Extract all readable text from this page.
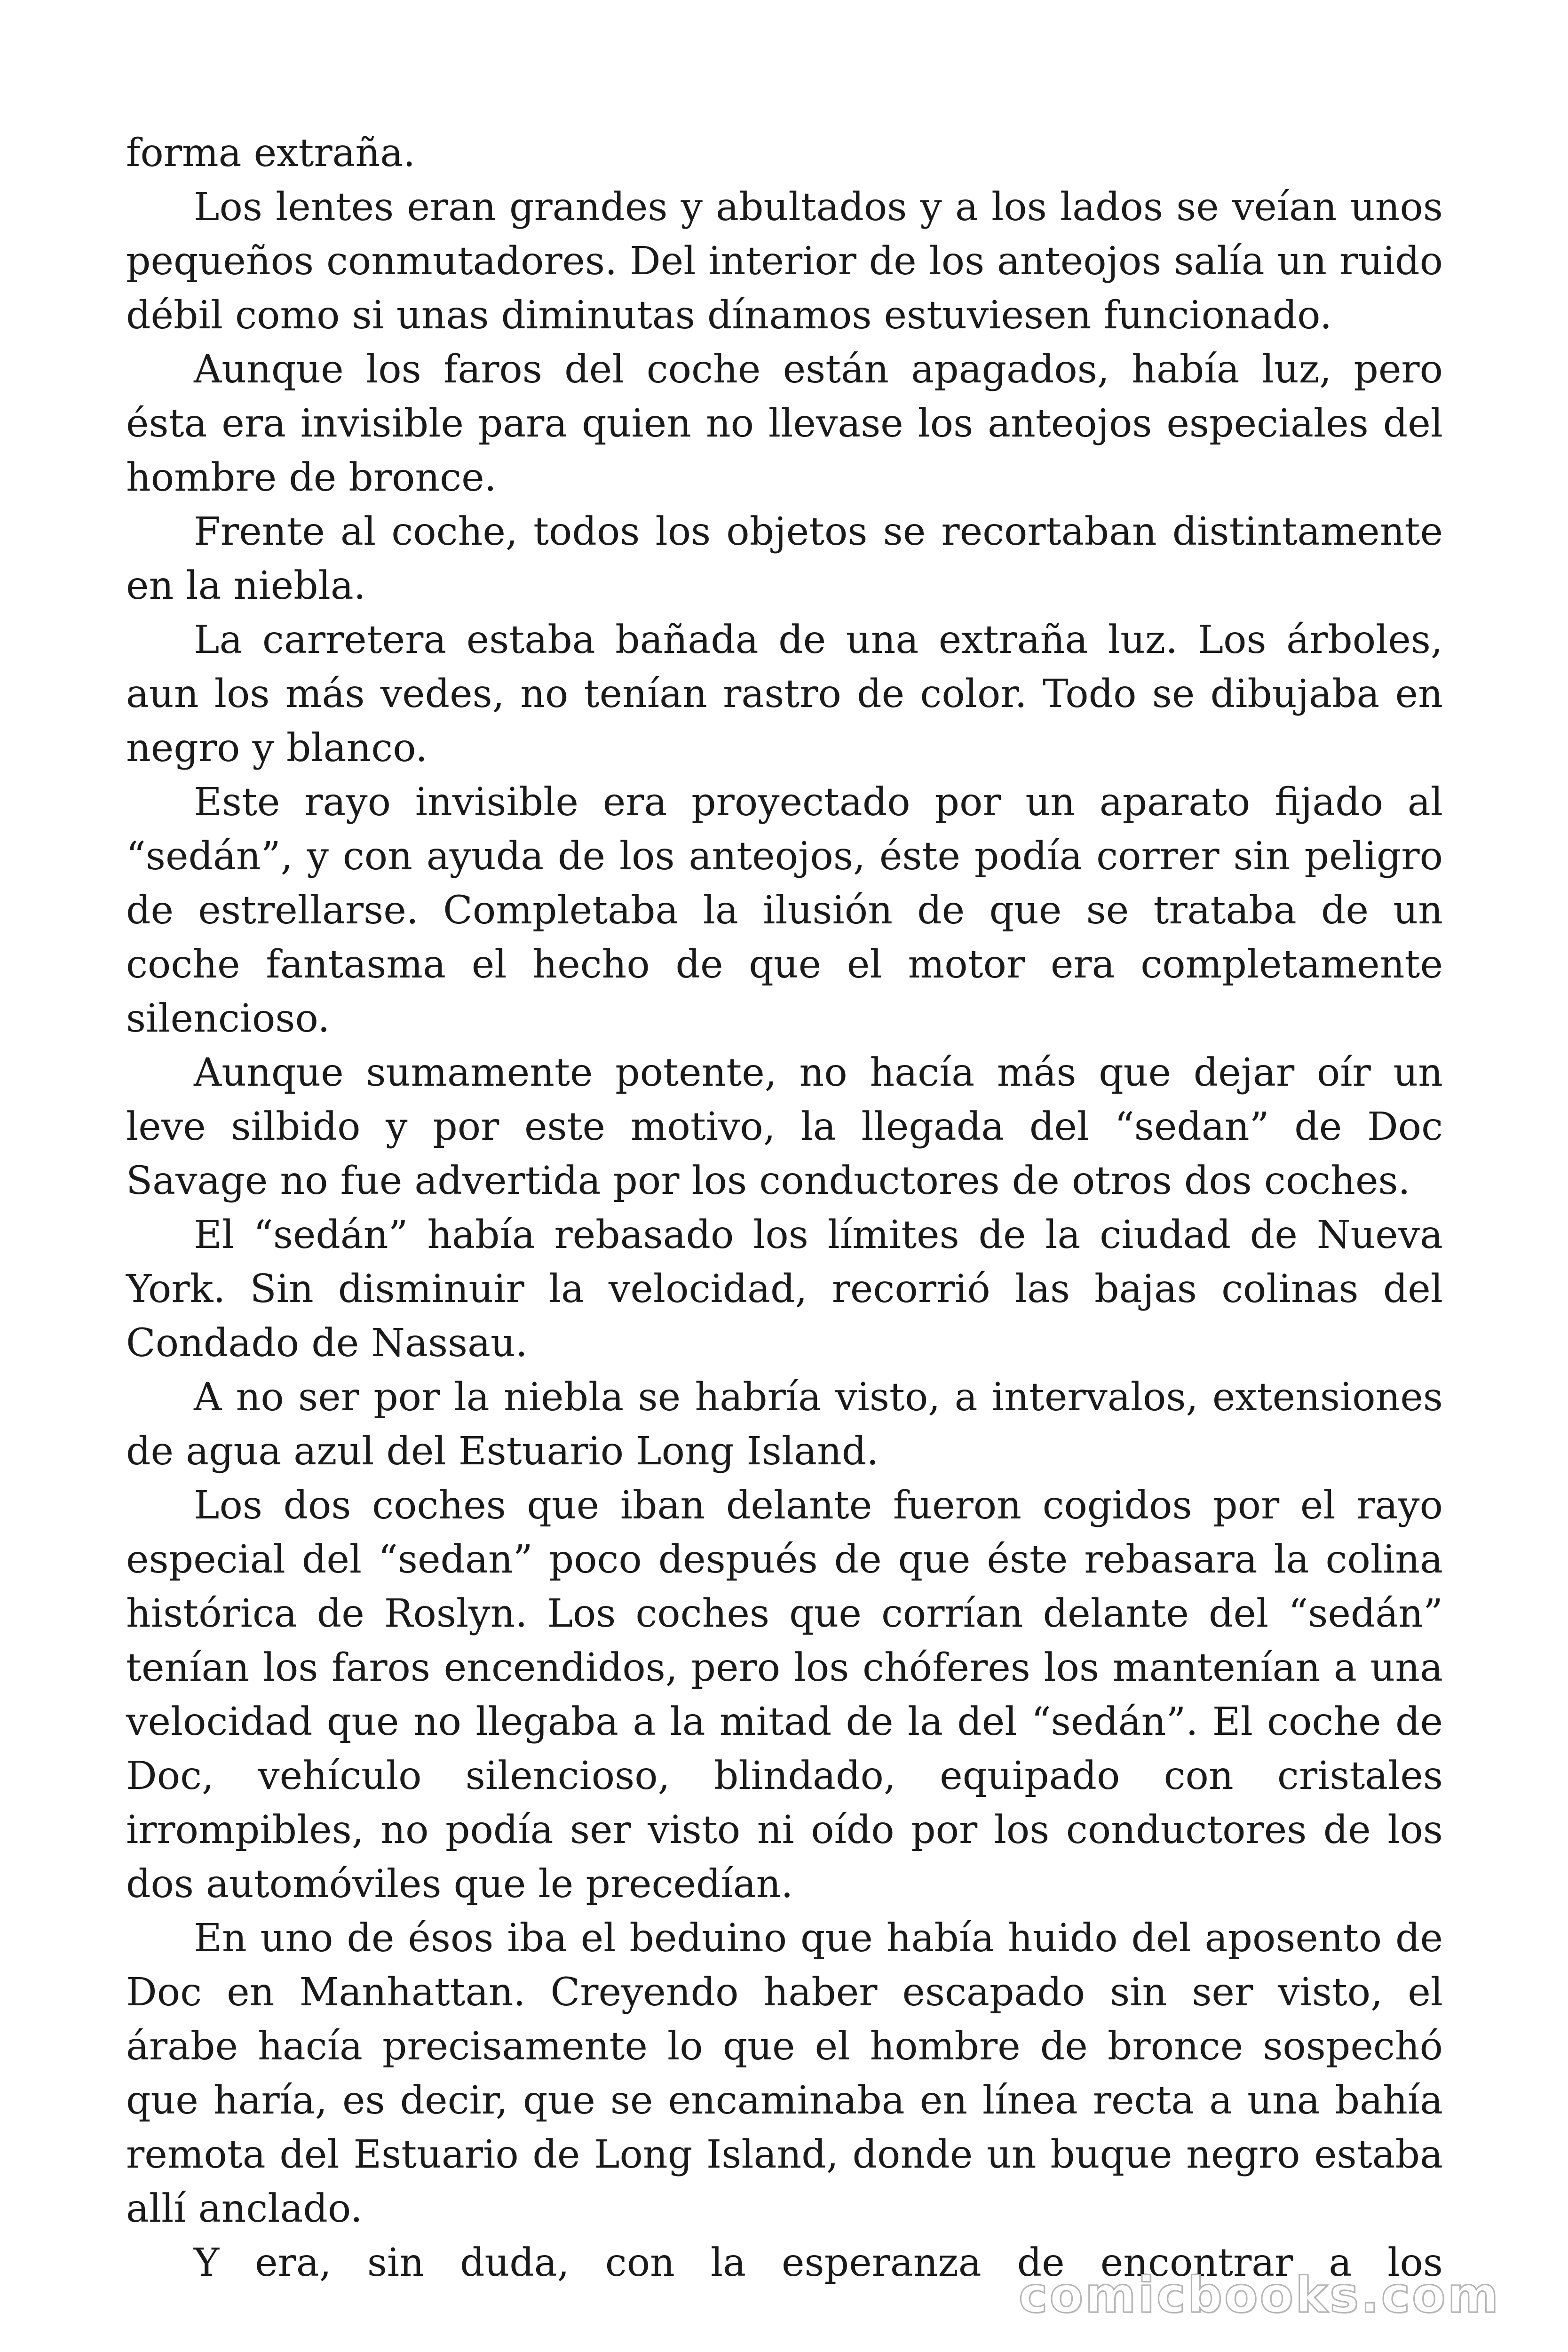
forma extraña.

Los lentes eran grandes y abultados y a los lados se veían unos pequeños conmutadores. Del interior de los anteojos salía un ruido débil como si unas diminutas dínamos estuviesen funcionado.

Aunque los faros del coche están apagados, había luz, pero ésta era invisible para quien no llevase los anteojos especiales del hombre de bronce.

Frente al coche, todos los objetos se recortaban distintamente en la niebla.

La carretera estaba bañada de una extraña luz. Los árboles, aun los más vedes, no tenían rastro de color. Todo se dibujaba en negro y blanco.

Este rayo invisible era proyectado por un aparato fijado al “sedán”, y con ayuda de los anteojos, éste podía correr sin peligro de estrellarse. Completaba la ilusión de que se trataba de un coche fantasma el hecho de que el motor era completamente silencioso.

Aunque sumamente potente, no hacía más que dejar oír un leve silbido y por este motivo, la llegada del “sedan” de Doc Savage no fue advertida por los conductores de otros dos coches.

El “sedán” había rebasado los límites de la ciudad de Nueva York. Sin disminuir la velocidad, recorrió las bajas colinas del Condado de Nassau.

A no ser por la niebla se habría visto, a intervalos, extensiones de agua azul del Estuario Long Island.

Los dos coches que iban delante fueron cogidos por el rayo especial del “sedan” poco después de que éste rebasara la colina histórica de Roslyn. Los coches que corrían delante del “sedán” tenían los faros encendidos, pero los chóferes los mantenían a una velocidad que no llegaba a la mitad de la del “sedán”. El coche de Doc, vehículo silencioso, blindado, equipado con cristales irrompibles, no podía ser visto ni oído por los conductores de los dos automóviles que le precedían.

En uno de ésos iba el beduino que había huido del aposento de Doc en Manhattan. Creyendo haber escapado sin ser visto, el árabe hacía precisamente lo que el hombre de bronce sospechó que haría, es decir, que se encaminaba en línea recta a una bahía remota del Estuario de Long Island, donde un buque negro estaba allí anclado.

Y era, sin duda, con la esperanza de encontrar a los

comicbooks.com
